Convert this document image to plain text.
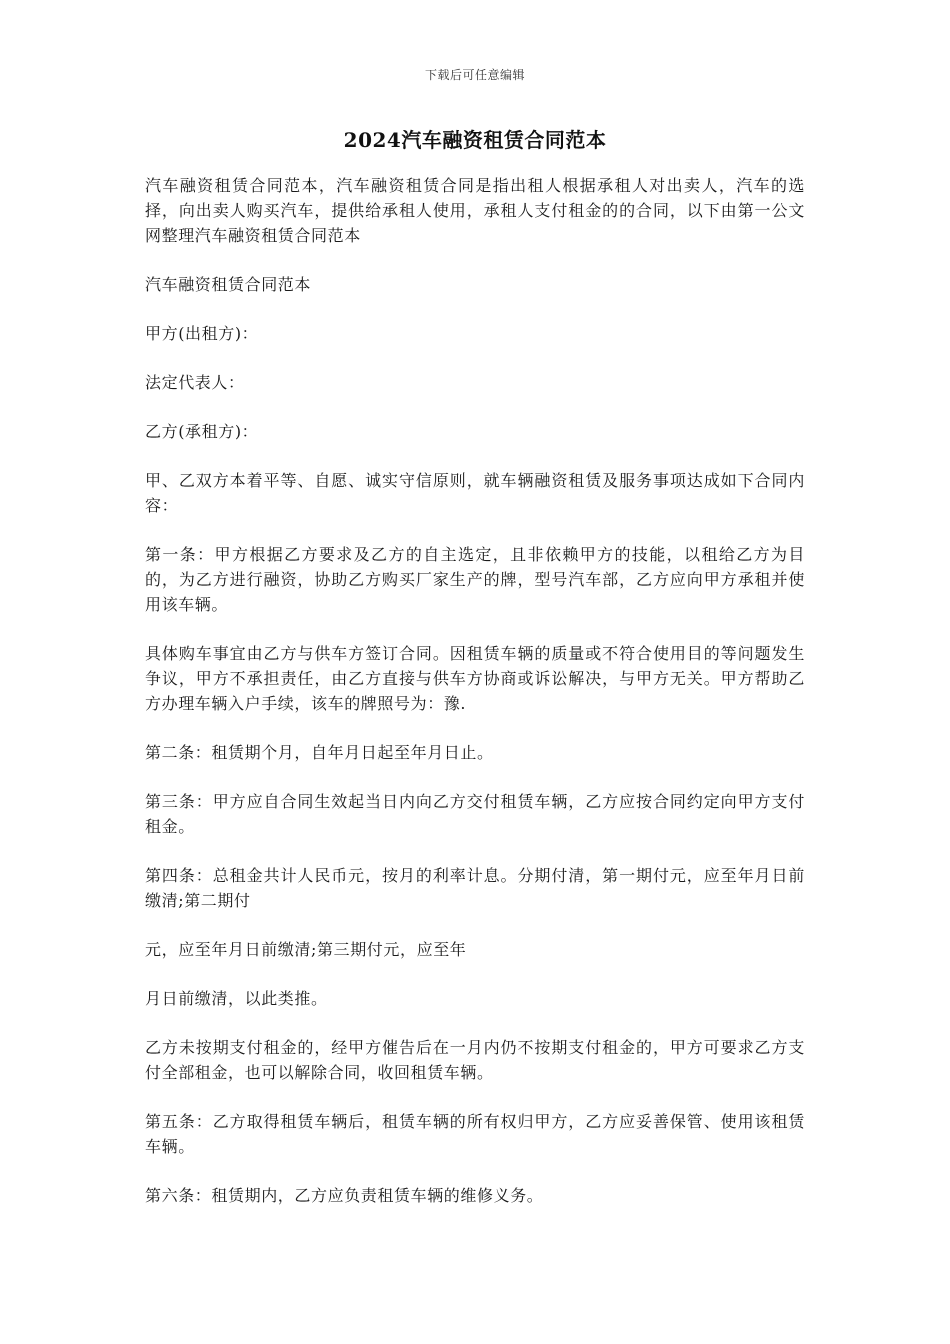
下载后可任意编辑
2024汽车融资租赁合同范本

汽车融资租赁合同范本，汽车融资租赁合同是指出租人根据承租人对出卖人，汽车的选择，向出卖人购买汽车，提供给承租人使用，承租人支付租金的的合同，以下由第一公文网整理汽车融资租赁合同范本

汽车融资租赁合同范本

甲方(出租方)：

法定代表人：

乙方(承租方)：

甲、乙双方本着平等、自愿、诚实守信原则，就车辆融资租赁及服务事项达成如下合同内容：

第一条：甲方根据乙方要求及乙方的自主选定，且非依赖甲方的技能，以租给乙方为目的，为乙方进行融资，协助乙方购买厂家生产的牌，型号汽车部，乙方应向甲方承租并使用该车辆。

具体购车事宜由乙方与供车方签订合同。因租赁车辆的质量或不符合使用目的等问题发生争议，甲方不承担责任，由乙方直接与供车方协商或诉讼解决，与甲方无关。甲方帮助乙方办理车辆入户手续，该车的牌照号为：豫.

第二条：租赁期个月，自年月日起至年月日止。

第三条：甲方应自合同生效起当日内向乙方交付租赁车辆，乙方应按合同约定向甲方支付租金。

第四条：总租金共计人民币元，按月的利率计息。分期付清，第一期付元，应至年月日前缴清;第二期付

元，应至年月日前缴清;第三期付元，应至年

月日前缴清，以此类推。

乙方未按期支付租金的，经甲方催告后在一月内仍不按期支付租金的，甲方可要求乙方支付全部租金，也可以解除合同，收回租赁车辆。

第五条：乙方取得租赁车辆后，租赁车辆的所有权归甲方，乙方应妥善保管、使用该租赁车辆。

第六条：租赁期内，乙方应负责租赁车辆的维修义务。
